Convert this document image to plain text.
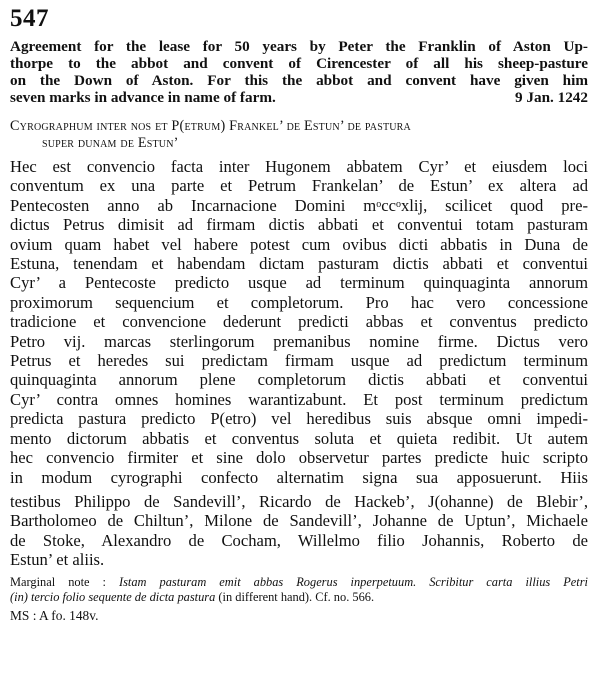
547
Agreement for the lease for 50 years by Peter the Franklin of Aston Up-
thorpe to the abbot and convent of Cirencester of all his sheep-pasture
on the Down of Aston. For this the abbot and convent have given him
seven marks in advance in name of farm.	9 Jan. 1242
Cyrographum inter nos et P(etrum) Frankel’ de Estun’ de pastura
super dunam de Estun’
Hec est convencio facta inter Hugonem abbatem Cyr’ et eiusdem loci
conventum ex una parte et Petrum Frankelan’ de Estun’ ex altera ad
Pentecosten anno ab Incarnacione Domini $m^occ^oxlij$, scilicet quod pre-
dictus Petrus dimisit ad firmam dictis abbati et conventui totam pasturam
ovium quam habet vel habere potest cum ovibus dicti abbatis in Duna de
Estuna, tenendam et habendam dictam pasturam dictis abbati et conventui
Cyr’ a Pentecoste predicto usque ad terminum quinquaginta annorum
proximorum sequencium et completorum. Pro hac vero concessione
tradicione et convencione dederunt predicti abbas et conventus predicto
Petro vij. marcas sterlingorum premanibus nomine firme. Dictus vero
Petrus et heredes sui predictam firmam usque ad predictum terminum
quinquaginta annorum plene completorum dictis abbati et conventui
Cyr’ contra omnes homines warantizabunt. Et post terminum predictum
predicta pastura predicto P(etro) vel heredibus suis absque omni impedi-
mento dictorum abbatis et conventus soluta et quieta redibit. Ut autem
hec convencio firmiter et sine dolo observetur partes predicte huic scripto
in modum cyrographi confecto alternatim signa sua apposuerunt. Hiis
testibus Philippo de Sandevill’, Ricardo de Hackeb’, J(ohanne) de Blebir’,
Bartholomeo de Chiltun’, Milone de Sandevill’, Johanne de Uptun’, Michaele
de Stoke, Alexandro de Cocham, Willelmo filio Johannis, Roberto de
Estun’ et aliis.
Marginal note : Istam pasturam emit abbas Rogerus inperpetuum. Scribitur carta illius Petri
(in) tercio folio sequente de dicta pastura (in different hand). Cf. no. 566.
MS : A fo. 148v.
